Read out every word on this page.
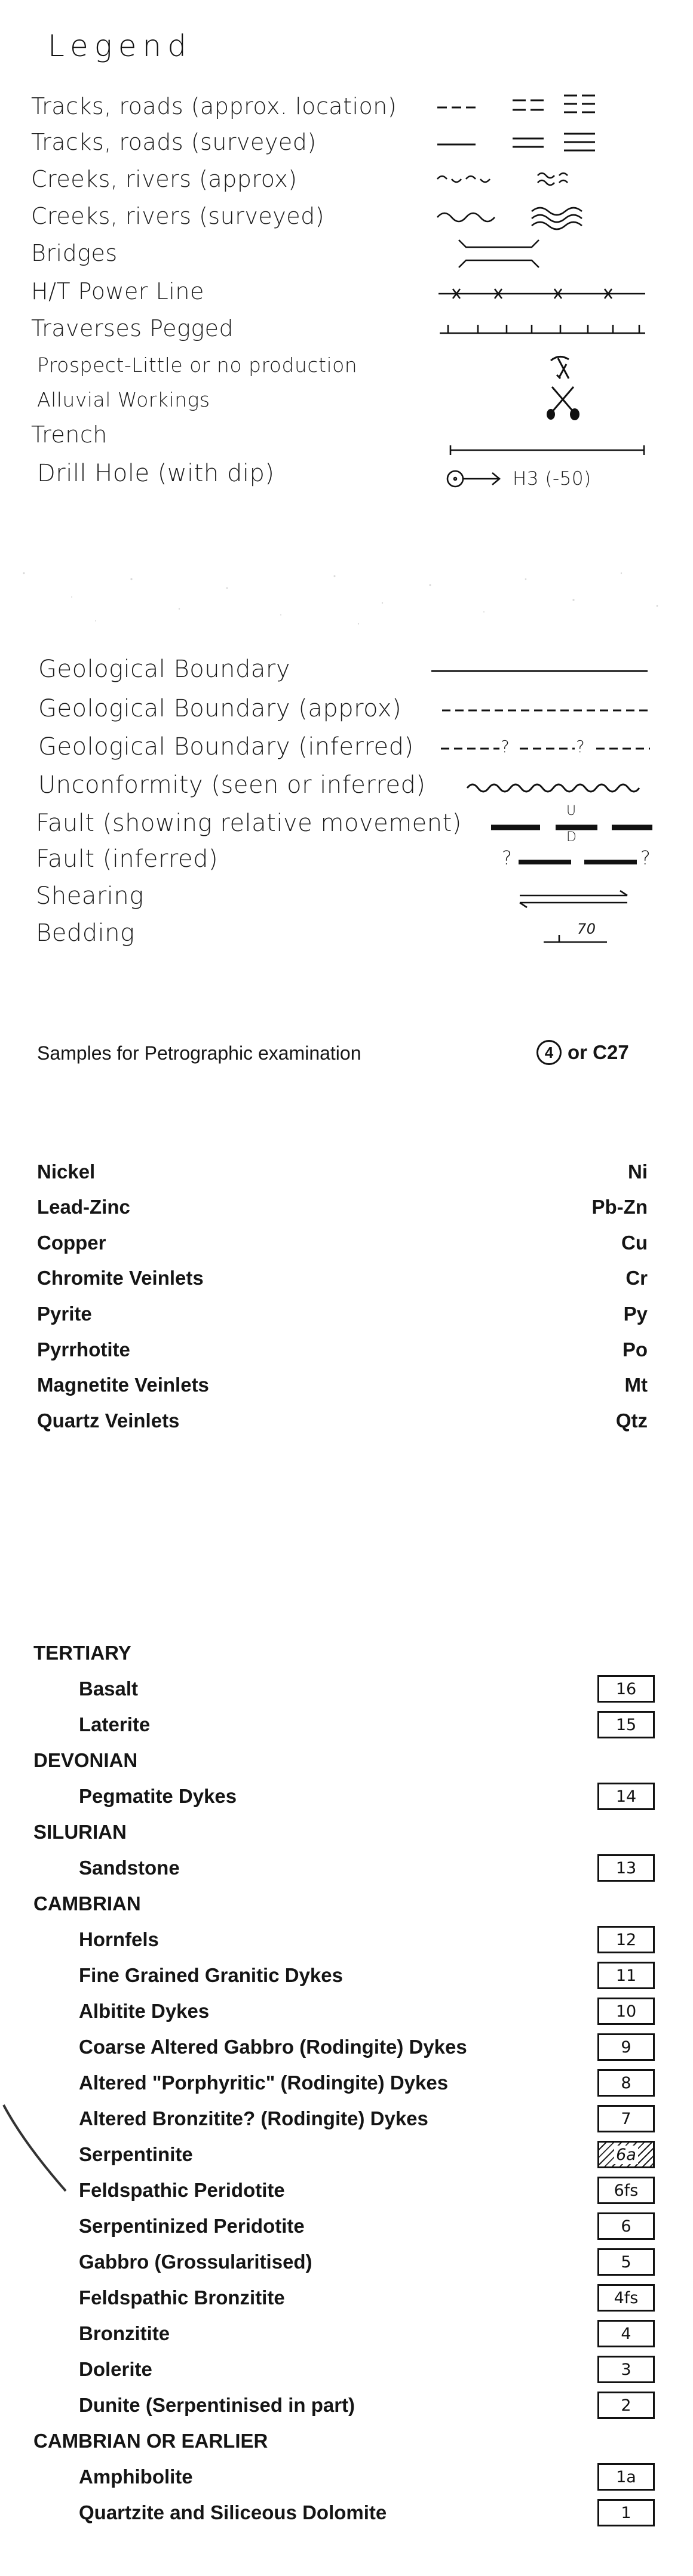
Legend
Tracks, roads (approx. location)
Tracks, roads (surveyed)
Creeks, rivers (approx)
Creeks, rivers (surveyed)
Bridges
H/T Power Line
Traverses Pegged
Prospect-Little or no production
Alluvial Workings
Trench
Drill Hole (with dip)	H3 (-50)
Geological Boundary
Geological Boundary (approx)
Geological Boundary (inferred)	?	?
Unconformity (seen or inferred)
Fault (showing relative movement)	U
D
Fault (inferred)	?	?
Shearing
Bedding	70
Samples for Petrographic examination	4 or C27
Nickel	Ni
Lead-Zinc	Pb-Zn
Copper	Cu
Chromite Veinlets	Cr
Pyrite	Py
Pyrrhotite	Po
Magnetite Veinlets	Mt
Quartz Veinlets	Qtz
TERTIARY
Basalt	16
Laterite	15
DEVONIAN
Pegmatite Dykes	14
SILURIAN
Sandstone	13
CAMBRIAN
Hornfels	12
Fine Grained Granitic Dykes	11
Albitite Dykes	10
Coarse Altered Gabbro (Rodingite) Dykes	9
Altered "Porphyritic" (Rodingite) Dykes	8
Altered Bronzitite? (Rodingite) Dykes	7
Serpentinite	6a
Feldspathic Peridotite	6fs
Serpentinized Peridotite	6
Gabbro (Grossularitised)	5
Feldspathic Bronzitite	4fs
Bronzitite	4
Dolerite	3
Dunite (Serpentinised in part)	2
CAMBRIAN OR EARLIER
Amphibolite	1a
Quartzite and Siliceous Dolomite	1
